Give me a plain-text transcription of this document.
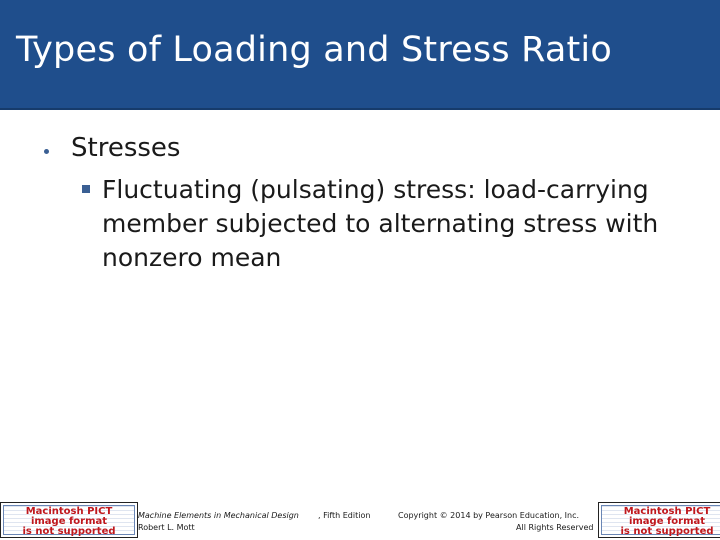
Types of Loading and Stress Ratio
Stresses
Fluctuating (pulsating) stress: load-carrying member subjected to alternating stress with  nonzero mean
Macintosh PICT
image format
is not supported
Macintosh PICT
image format
is not supported
Machine Elements in Mechanical Design , Fifth Edition
Robert L. Mott
Copyright © 2014 by Pearson Education, Inc.
All Rights Reserved
